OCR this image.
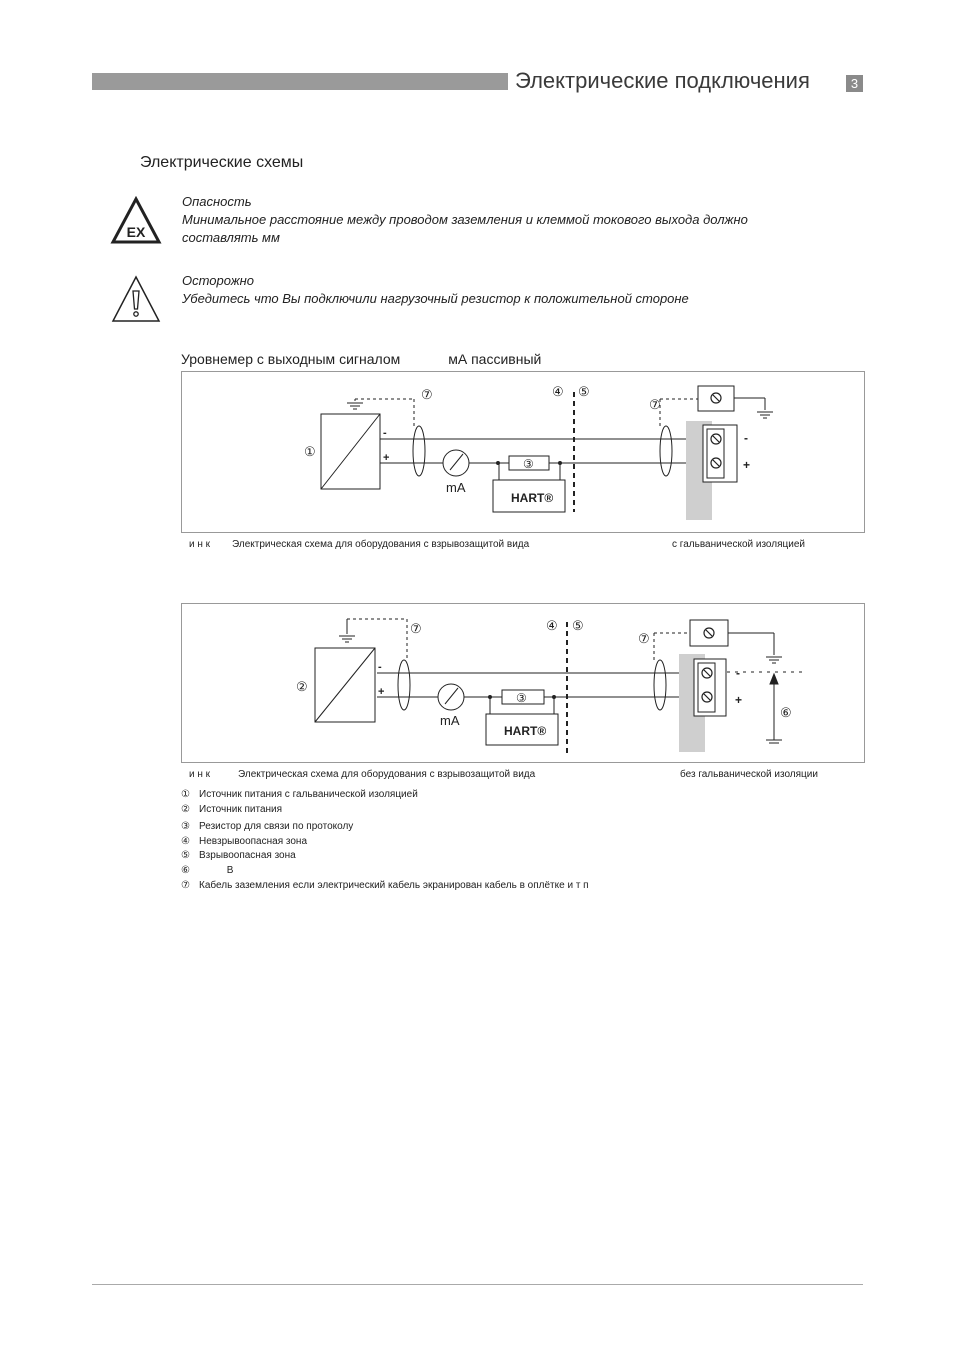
Электрические подключения	3
Электрические схемы
EX
Опасность
Минимальное расстояние между проводом заземления и клеммой токового выхода должно
составлять мм
Осторожно
Убедитесь что Вы подключили нагрузочный резистор к положительной стороне
Уровнемер с выходным сигналом	мА пассивный
①
⑦
⑦
④ ⑤
③
mA
HART®
-
+
-
+
и н к Электрическая схема для оборудования с взрывозащитой вида	с гальванической изоляцией
②
⑦
⑦
④ ⑤
③
⑥
mA
HART®
-
+
-
+
и н к	Электрическая схема для оборудования с взрывозащитой вида	без гальванической изоляции
① Источник питания с гальванической изоляцией
② Источник питания
③ Резистор для связи по протоколу
④ Невзрывоопасная зона
⑤ Взрывоопасная зона
⑥          В
⑦ Кабель заземления если электрический кабель экранирован кабель в оплётке и т п
